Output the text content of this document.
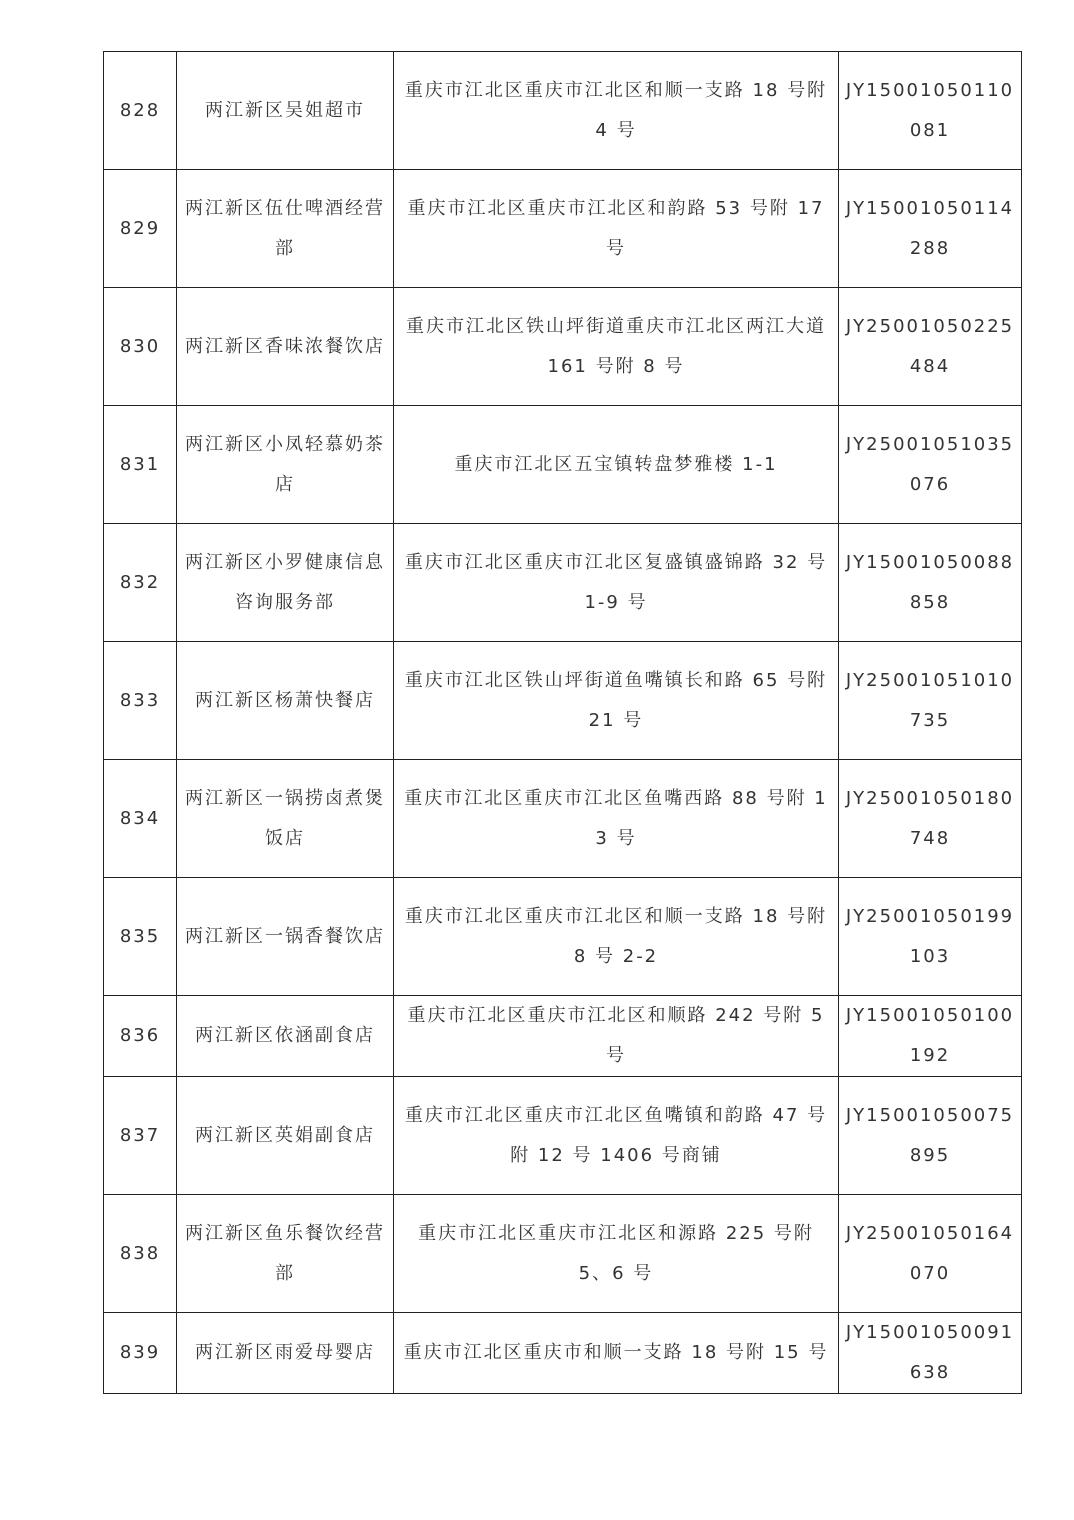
828	两江新区吴姐超市	重庆市江北区重庆市江北区和顺一支路 18 号附 4 号	JY15001050110081
829	两江新区伍仕啤酒经营部	重庆市江北区重庆市江北区和韵路 53 号附 17 号	JY15001050114288
830	两江新区香味浓餐饮店	重庆市江北区铁山坪街道重庆市江北区两江大道 161 号附 8 号	JY25001050225484
831	两江新区小凤轻慕奶茶店	重庆市江北区五宝镇转盘梦雅楼 1-1	JY25001051035076
832	两江新区小罗健康信息咨询服务部	重庆市江北区重庆市江北区复盛镇盛锦路 32 号 1-9 号	JY15001050088858
833	两江新区杨萧快餐店	重庆市江北区铁山坪街道鱼嘴镇长和路 65 号附 21 号	JY25001051010735
834	两江新区一锅捞卤煮煲饭店	重庆市江北区重庆市江北区鱼嘴西路 88 号附 13 号	JY25001050180748
835	两江新区一锅香餐饮店	重庆市江北区重庆市江北区和顺一支路 18 号附 8 号 2-2	JY25001050199103
836	两江新区依涵副食店	重庆市江北区重庆市江北区和顺路 242 号附 5 号	JY15001050100192
837	两江新区英娟副食店	重庆市江北区重庆市江北区鱼嘴镇和韵路 47 号附 12 号 1406 号商铺	JY15001050075895
838	两江新区鱼乐餐饮经营部	重庆市江北区重庆市江北区和源路 225 号附 5、6 号	JY25001050164070
839	两江新区雨爱母婴店	重庆市江北区重庆市和顺一支路 18 号附 15 号	JY15001050091638
